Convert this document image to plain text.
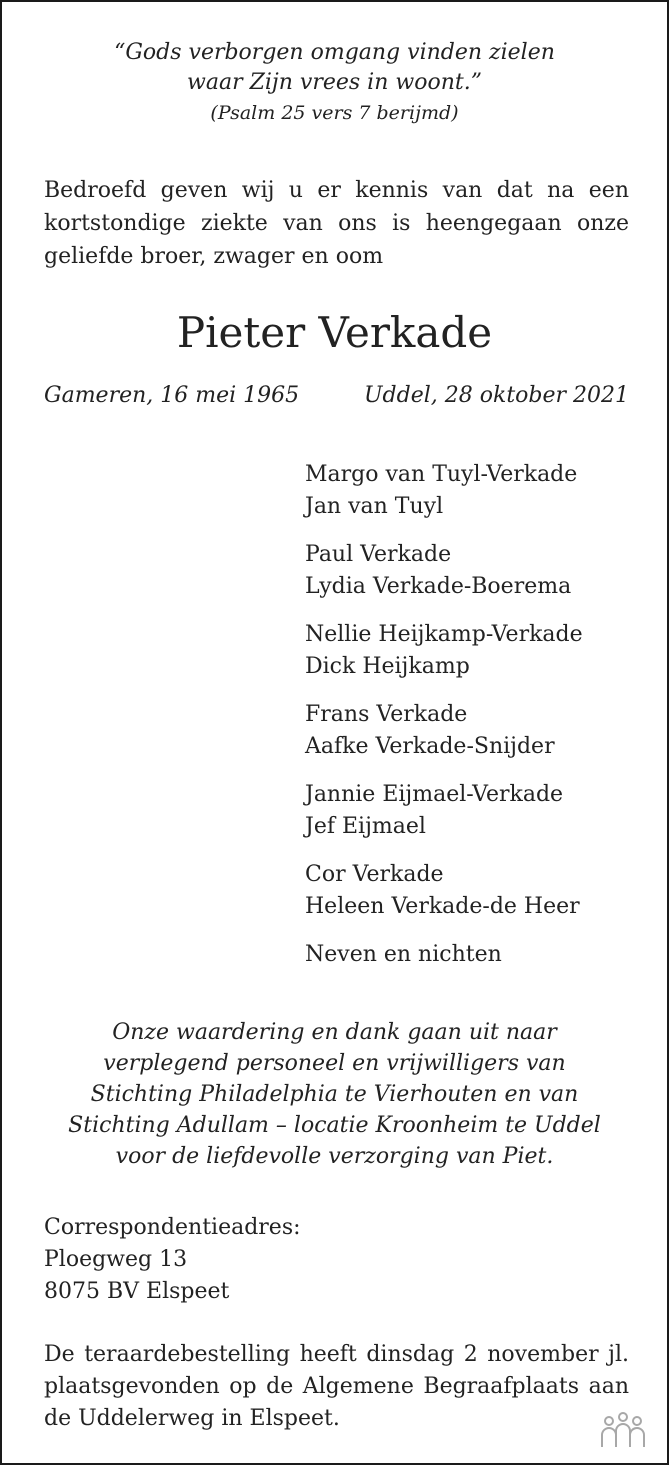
“Gods verborgen omgang vinden zielen
waar Zijn vrees in woont.”
(Psalm 25 vers 7 berijmd)
Bedroefd geven wij u er kennis van dat na een kortstondige ziekte van ons is heengegaan onze geliefde broer, zwager en oom
Pieter Verkade
Gameren, 16 mei 1965	Uddel, 28 oktober 2021
Margo van Tuyl-Verkade
Jan van Tuyl
Paul Verkade
Lydia Verkade-Boerema
Nellie Heijkamp-Verkade
Dick Heijkamp
Frans Verkade
Aafke Verkade-Snijder
Jannie Eijmael-Verkade
Jef Eijmael
Cor Verkade
Heleen Verkade-de Heer
Neven en nichten
Onze waardering en dank gaan uit naar
verplegend personeel en vrijwilligers van
Stichting Philadelphia te Vierhouten en van
Stichting Adullam – locatie Kroonheim te Uddel
voor de liefdevolle verzorging van Piet.
Correspondentieadres:
Ploegweg 13
8075 BV Elspeet
De teraardebestelling heeft dinsdag 2 november jl. plaatsgevonden op de Algemene Begraafplaats aan de Uddelerweg in Elspeet.
